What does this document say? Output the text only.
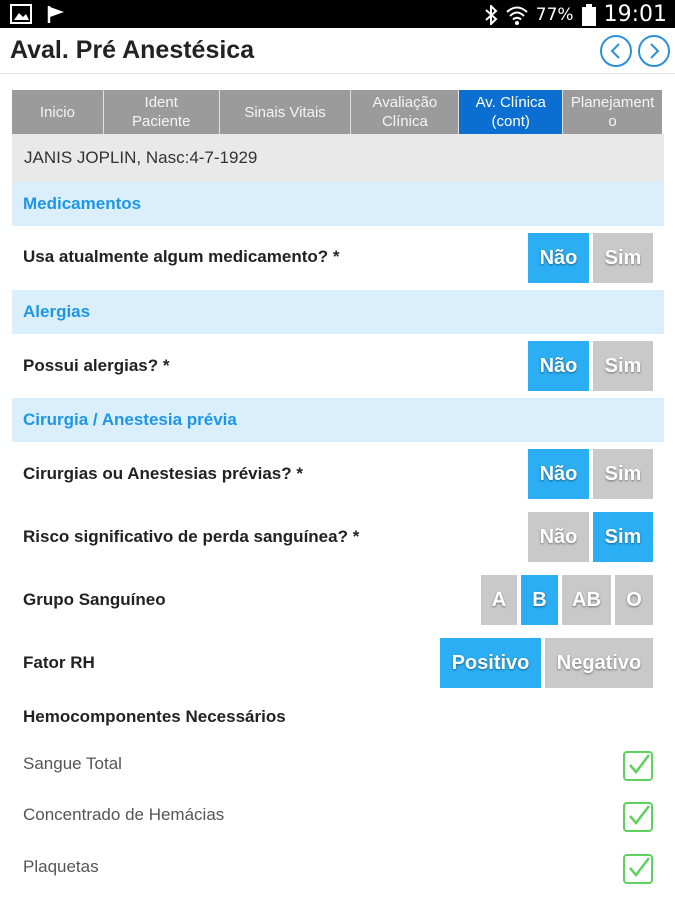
77% 19:01
Aval. Pré Anestésica
Inicio
Ident Paciente
Sinais Vitais
Avaliação Clínica
Av. Clínica (cont)
Planejamento
JANIS JOPLIN, Nasc:4-7-1929
Medicamentos
Usa atualmente algum medicamento? *	Não	Sim
Alergias
Possui alergias? *	Não	Sim
Cirurgia / Anestesia prévia
Cirurgias ou Anestesias prévias? *	Não	Sim
Risco significativo de perda sanguínea? *	Não	Sim
Grupo Sanguíneo	A	B	AB	O
Fator RH	Positivo	Negativo
Hemocomponentes Necessários
Sangue Total
Concentrado de Hemácias
Plaquetas
